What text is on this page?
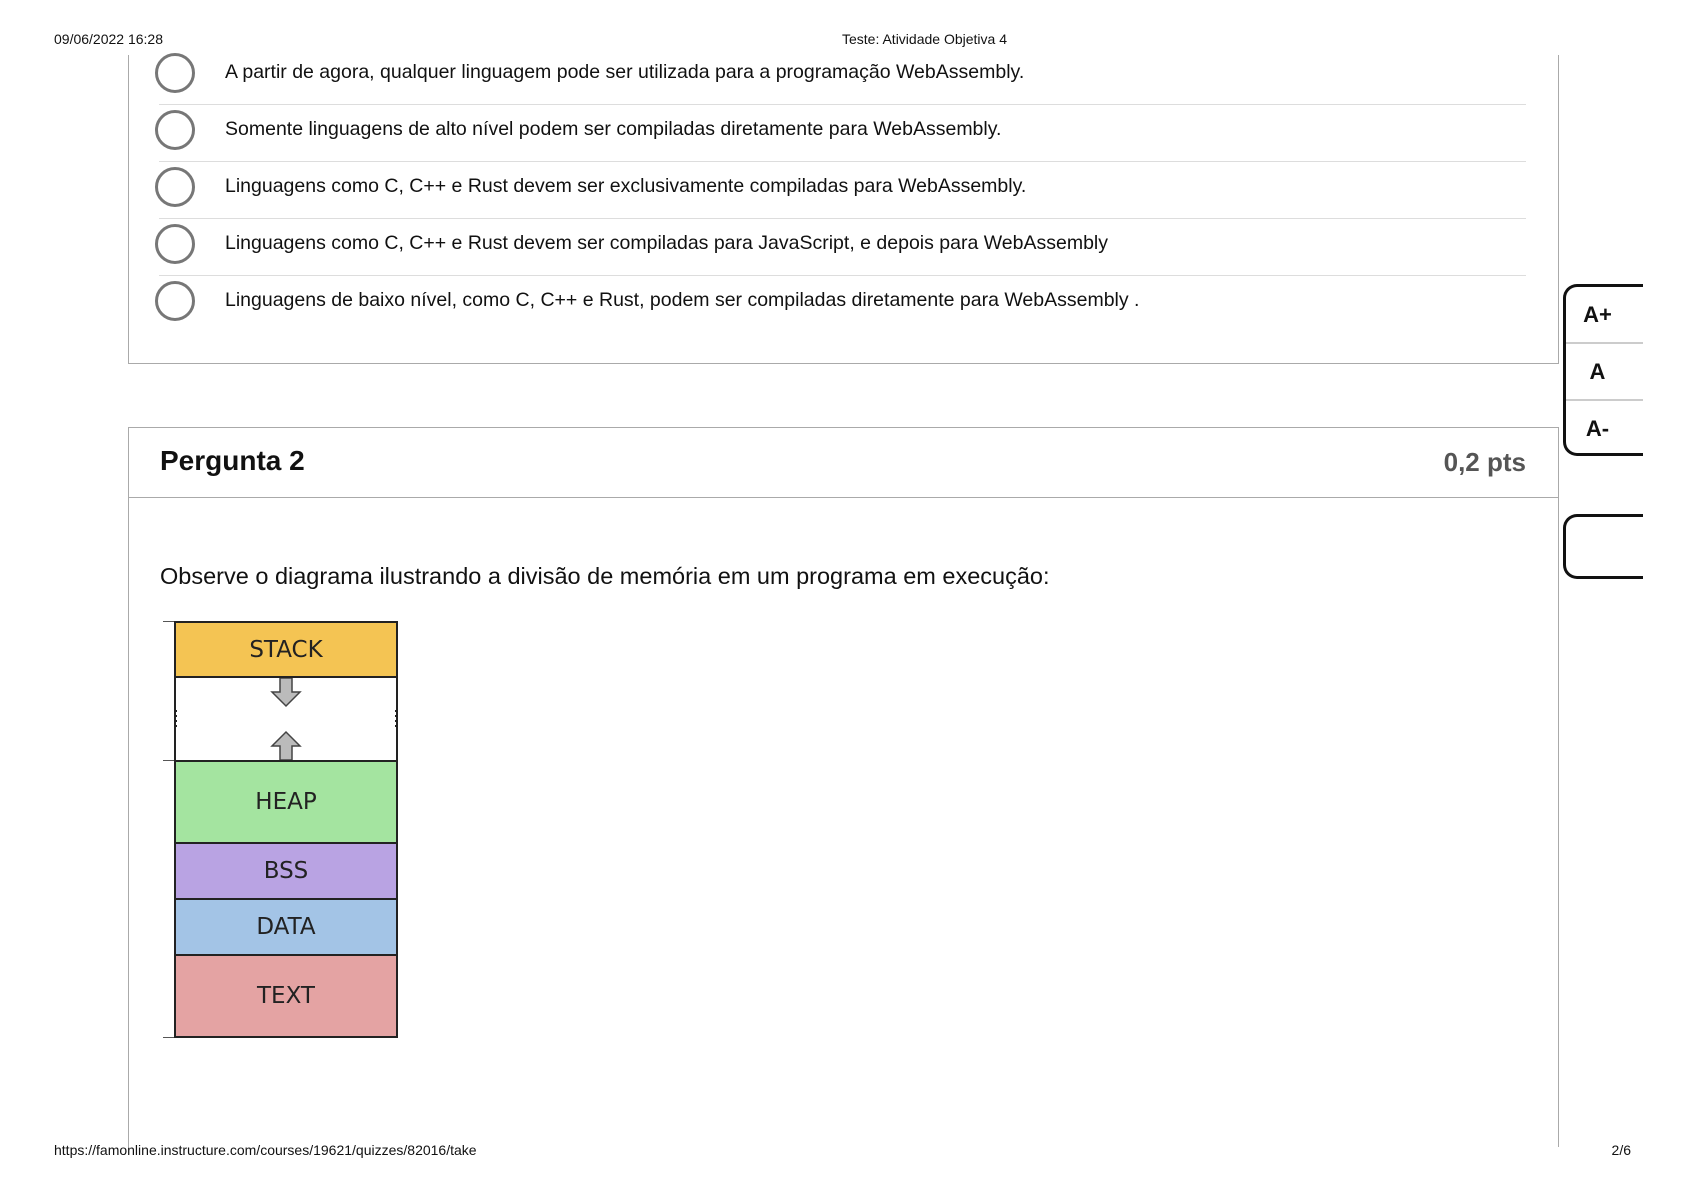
A partir de agora, qualquer linguagem pode ser utilizada para a programação WebAssembly.
Somente linguagens de alto nível podem ser compiladas diretamente para WebAssembly.
Linguagens como C, C++ e Rust devem ser exclusivamente compiladas para WebAssembly.
Linguagens como C, C++ e Rust devem ser compiladas para JavaScript, e depois para WebAssembly
Linguagens de baixo nível, como C, C++ e Rust, podem ser compiladas diretamente para WebAssembly .
09/06/2022 16:28	Teste: Atividade Objetiva 4
Pergunta 2	0,2 pts
Observe o diagrama ilustrando a divisão de memória em um programa em execução:
STACK
HEAP
BSS
DATA
TEXT
A+
A
A-
https://famonline.instructure.com/courses/19621/quizzes/82016/take	2/6
